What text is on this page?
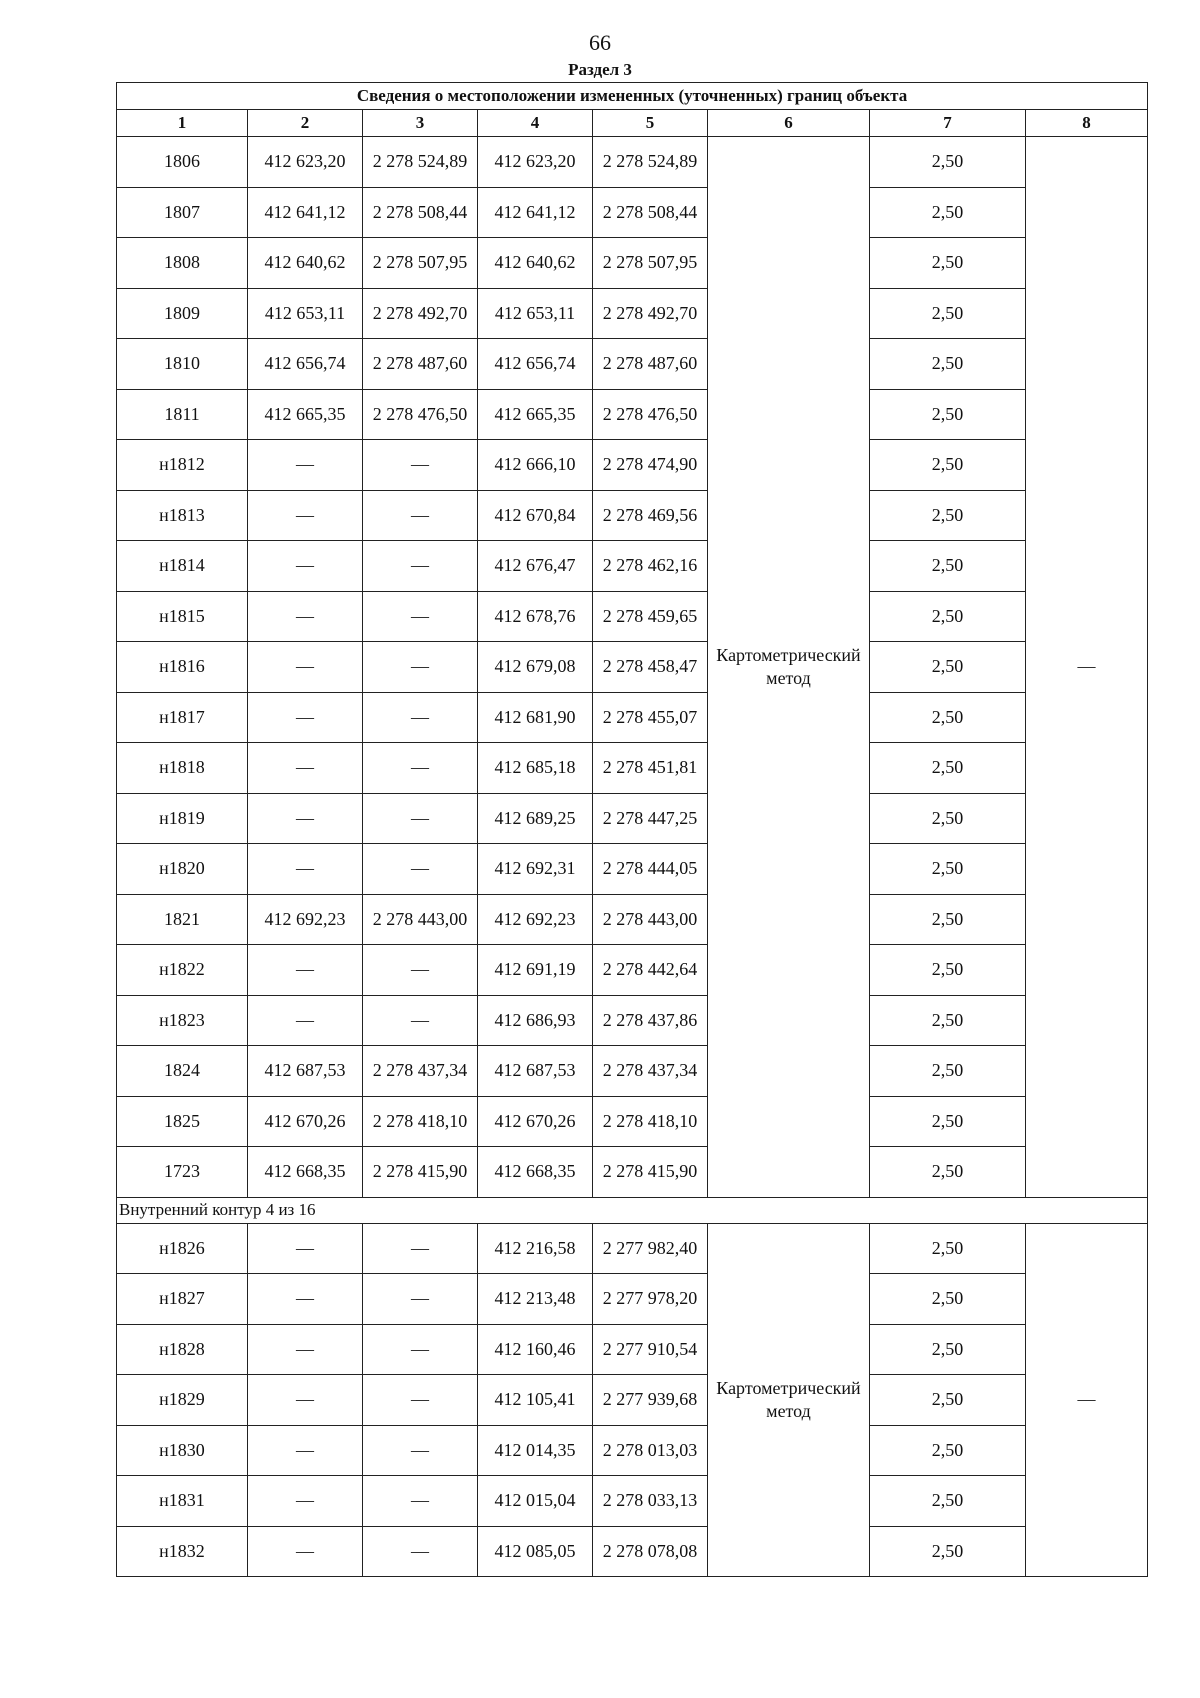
66
Раздел 3
Сведения о местоположении измененных (уточненных) границ объекта							
1	2	3	4	5	6	7	8
1806	412 623,20	2 278 524,89	412 623,20	2 278 524,89	Картометрический метод	2,50	—
1807	412 641,12	2 278 508,44	412 641,12	2 278 508,44		2,50	
1808	412 640,62	2 278 507,95	412 640,62	2 278 507,95		2,50	
1809	412 653,11	2 278 492,70	412 653,11	2 278 492,70		2,50	
1810	412 656,74	2 278 487,60	412 656,74	2 278 487,60		2,50	
1811	412 665,35	2 278 476,50	412 665,35	2 278 476,50		2,50	
н1812	—	—	412 666,10	2 278 474,90		2,50	
н1813	—	—	412 670,84	2 278 469,56		2,50	
н1814	—	—	412 676,47	2 278 462,16		2,50	
н1815	—	—	412 678,76	2 278 459,65		2,50	
н1816	—	—	412 679,08	2 278 458,47		2,50	
н1817	—	—	412 681,90	2 278 455,07		2,50	
н1818	—	—	412 685,18	2 278 451,81		2,50	
н1819	—	—	412 689,25	2 278 447,25		2,50	
н1820	—	—	412 692,31	2 278 444,05		2,50	
1821	412 692,23	2 278 443,00	412 692,23	2 278 443,00		2,50	
н1822	—	—	412 691,19	2 278 442,64		2,50	
н1823	—	—	412 686,93	2 278 437,86		2,50	
1824	412 687,53	2 278 437,34	412 687,53	2 278 437,34		2,50	
1825	412 670,26	2 278 418,10	412 670,26	2 278 418,10		2,50	
1723	412 668,35	2 278 415,90	412 668,35	2 278 415,90		2,50	
Внутренний контур 4 из 16							
н1826	—	—	412 216,58	2 277 982,40	Картометрический метод	2,50	—
н1827	—	—	412 213,48	2 277 978,20		2,50	
н1828	—	—	412 160,46	2 277 910,54		2,50	
н1829	—	—	412 105,41	2 277 939,68		2,50	
н1830	—	—	412 014,35	2 278 013,03		2,50	
н1831	—	—	412 015,04	2 278 033,13		2,50	
н1832	—	—	412 085,05	2 278 078,08		2,50	
